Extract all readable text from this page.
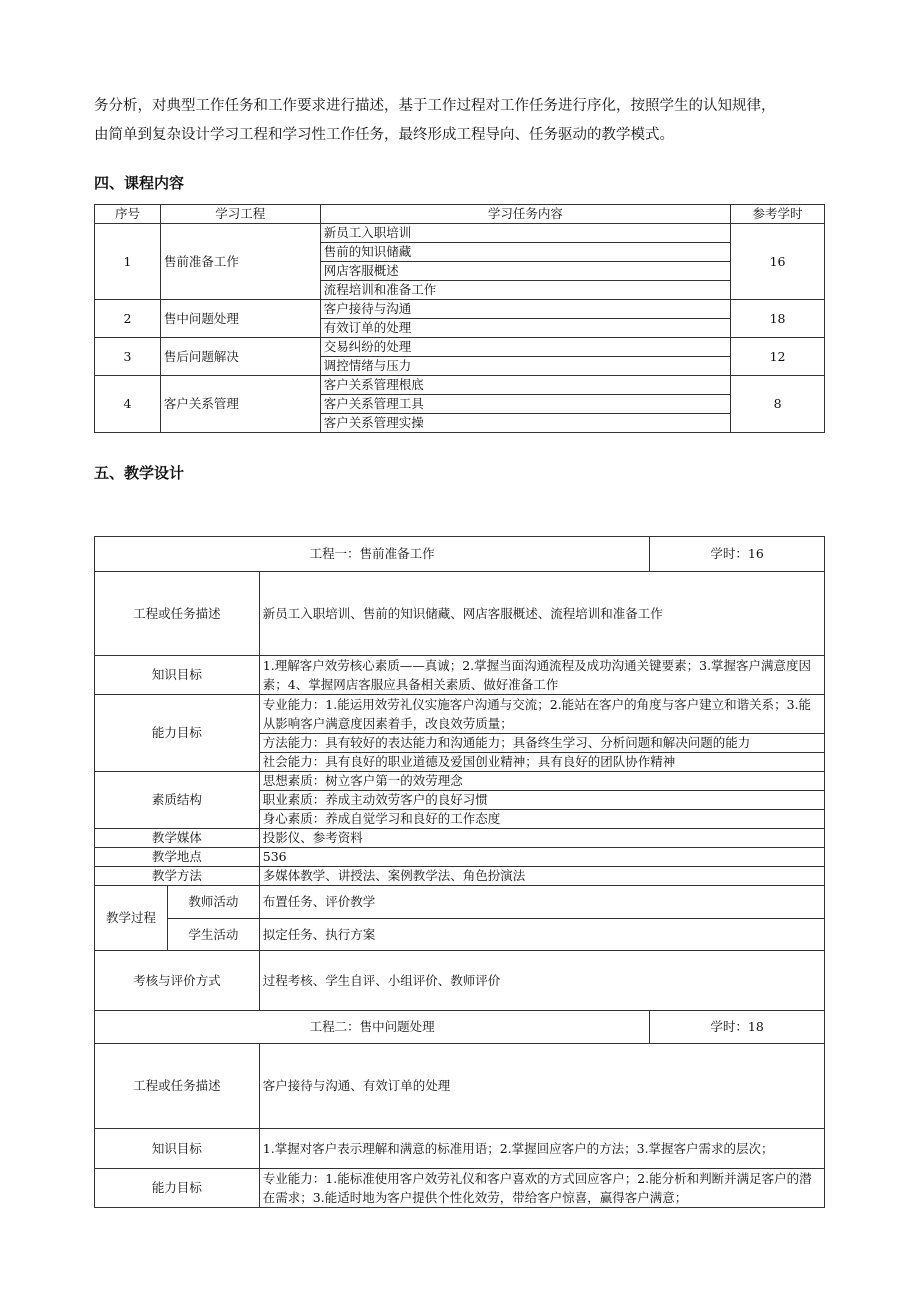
务分析，对典型工作任务和工作要求进行描述，基于工作过程对工作任务进行序化，按照学生的认知规律，
由简单到复杂设计学习工程和学习性工作任务，最终形成工程导向、任务驱动的教学模式。
四、课程内容
序号	学习工程	学习任务内容	参考学时
1	售前准备工作	新员工入职培训	16
		售前的知识储藏	
		网店客服概述	
		流程培训和准备工作	
2	售中问题处理	客户接待与沟通	18
		有效订单的处理	
3	售后问题解决	交易纠纷的处理	12
		调控情绪与压力	
4	客户关系管理	客户关系管理根底	8
		客户关系管理工具	
		客户关系管理实操	
五、教学设计
工程一：售前准备工作			学时：16
工程或任务描述		新员工入职培训、售前的知识储藏、网店客服概述、流程培训和准备工作	
知识目标		1.理解客户效劳核心素质——真诚；2.掌握当面沟通流程及成功沟通关键要素；3.掌握客户满意度因素；4、掌握网店客服应具备相关素质、做好准备工作	
能力目标		专业能力：1.能运用效劳礼仪实施客户沟通与交流；2.能站在客户的角度与客户建立和谐关系；3.能从影响客户满意度因素着手，改良效劳质量；	
		方法能力：具有较好的表达能力和沟通能力；具备终生学习、分析问题和解决问题的能力	
		社会能力：具有良好的职业道德及爱国创业精神；具有良好的团队协作精神	
素质结构		思想素质：树立客户第一的效劳理念	
		职业素质：养成主动效劳客户的良好习惯	
		身心素质：养成自觉学习和良好的工作态度	
教学媒体		投影仪、参考资料	
教学地点		536	
教学方法		多媒体教学、讲授法、案例教学法、角色扮演法	
教学过程	教师活动	布置任务、评价教学	
	学生活动	拟定任务、执行方案	
考核与评价方式		过程考核、学生自评、小组评价、教师评价	
工程二：售中问题处理			学时：18
工程或任务描述		客户接待与沟通、有效订单的处理	
知识目标		1.掌握对客户表示理解和满意的标准用语；2.掌握回应客户的方法；3.掌握客户需求的层次；	
能力目标		专业能力：1.能标准使用客户效劳礼仪和客户喜欢的方式回应客户；2.能分析和判断并满足客户的潜在需求；3.能适时地为客户提供个性化效劳，带给客户惊喜，赢得客户满意；	
